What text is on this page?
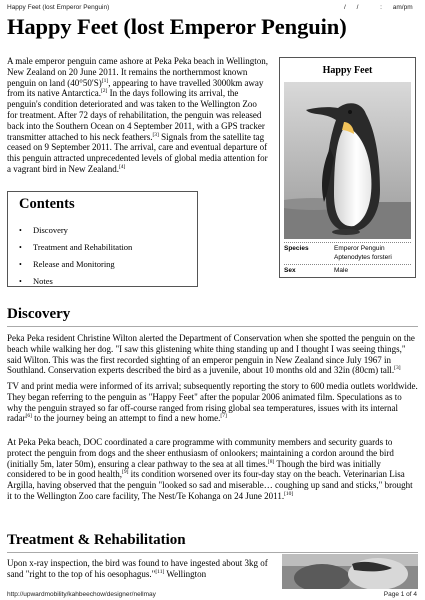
Happy Feet (lost Emperor Penguin)	/      /            :      am/pm
Happy Feet (lost Emperor Penguin)

A male emperor penguin came ashore at Peka Peka beach in Wellington, New Zealand on 20 June 2011. It remains the northernmost known penguin on land (40°50′S)[1], appearing to have travelled 3000km away from its native Antarctica.[2] In the days following its arrival, the penguin's condition deteriorated and was taken to the Wellington Zoo for treatment. After 72 days of rehabilitation, the penguin was released back into the Southern Ocean on 4 September 2011, with a GPS tracker transmitter attached to his neck feathers.[3] Signals from the satellite tag ceased on 9 September 2011. The arrival, care and eventual departure of this penguin attracted unprecedented levels of global media attention for a vagrant bird in New Zealand.[4]

Happy Feet
Species	Emperor Penguin
Aptenodytes forsteri
Sex	Male
Contents
• Discovery
• Treatment and Rehabilitation
• Release and Monitoring
• Notes
Discovery

Peka Peka resident Christine Wilton alerted the Department of Conservation when she spotted the penguin on the beach while walking her dog. "I saw this glistening white thing standing up and I thought I was seeing things," said Wilton. This was the first recorded sighting of an emperor penguin in New Zealand since July 1967 in Southland. Conservation experts described the bird as a juvenile, about 10 months old and 32in (80cm) tall.[3]

TV and print media were informed of its arrival; subsequently reporting the story to 600 media outlets worldwide. They began referring to the penguin as "Happy Feet" after the popular 2006 animated film. Speculations as to why the penguin strayed so far off-course ranged from rising global sea temperatures, issues with its internal radar[6] to the journey being an attempt to find a new home.[7]

At Peka Peka beach, DOC coordinated a care programme with community members and security guards to protect the penguin from dogs and the sheer enthusiasm of onlookers; maintaining a cordon around the bird (initially 5m, later 50m), ensuring a clear pathway to the sea at all times.[8] Though the bird was initially considered to be in good health,[9] its condition worsened over its four-day stay on the beach. Veterinarian Lisa Argilla, having observed that the penguin "looked so sad and miserable… coughing up sand and sticks," brought it to the Wellington Zoo care facility, The Nest/Te Kohanga on 24 June 2011.[10]

Treatment & Rehabilitation

Upon x-ray inspection, the bird was found to have ingested about 3kg of sand "right to the top of his oesophagus."[11] Wellington

http://upwardmobility/kahbeechow/designer/nellmay	Page 1 of 4
